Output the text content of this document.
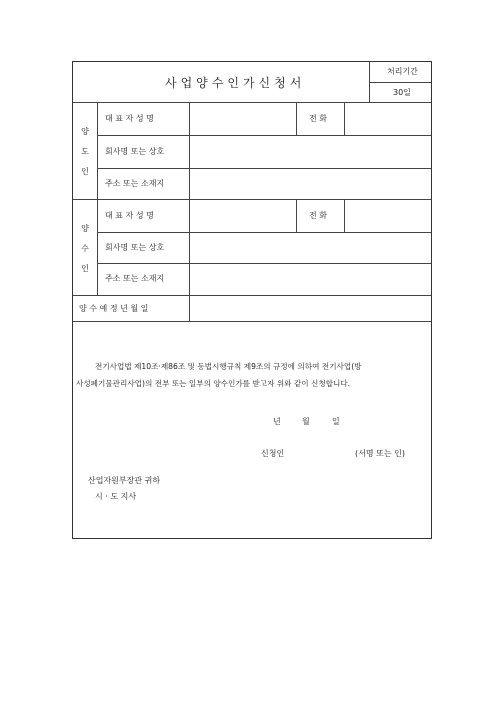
사업양수인가신청서
처리기간
30일
양
도
인
대 표 자 성 명	전 화
회사명 또는 상호
주소 또는 소재지
양
수
인
대 표 자 성 명	전 화
회사명 또는 상호
주소 또는 소재지
양 수 예 정 년 월 일
전기사업법 제10조·제86조 및 동법시행규칙 제9조의 규정에 의하여 전기사업(방
사성폐기물관리사업)의 전부 또는 일부의 양수인가를 받고자 위와 같이 신청합니다.
년	월	일
신청인	(서명 또는 인)
산업자원부장관 귀하
시 · 도 지사
